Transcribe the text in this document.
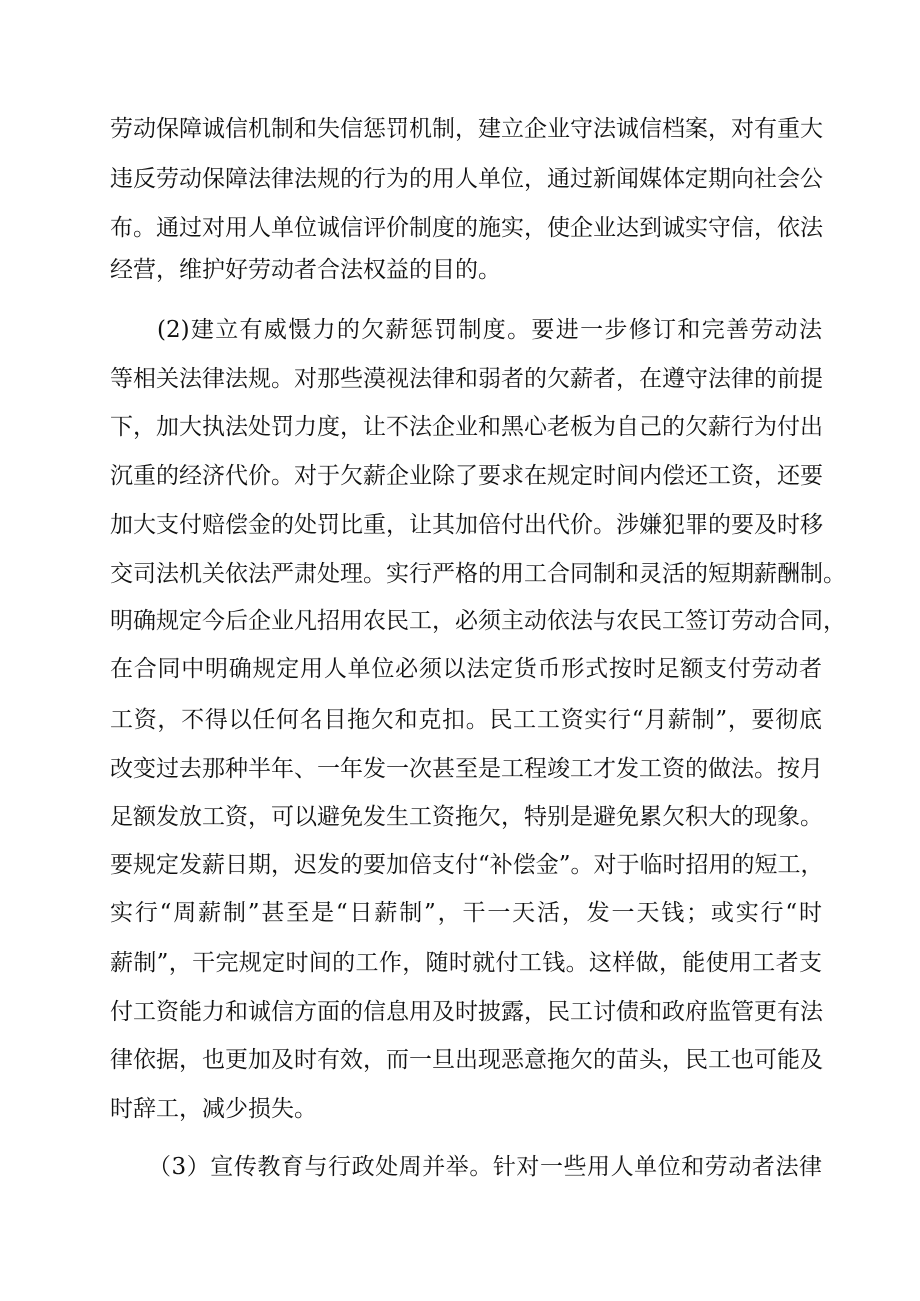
劳动保障诚信机制和失信惩罚机制，建立企业守法诚信档案，对有重大
违反劳动保障法律法规的行为的用人单位，通过新闻媒体定期向社会公
布。通过对用人单位诚信评价制度的施实，使企业达到诚实守信，依法
经营，维护好劳动者合法权益的目的。
(2)建立有威慑力的欠薪惩罚制度。要进一步修订和完善劳动法
等相关法律法规。对那些漠视法律和弱者的欠薪者，在遵守法律的前提
下，加大执法处罚力度，让不法企业和黑心老板为自己的欠薪行为付出
沉重的经济代价。对于欠薪企业除了要求在规定时间内偿还工资，还要
加大支付赔偿金的处罚比重，让其加倍付出代价。涉嫌犯罪的要及时移
交司法机关依法严肃处理。实行严格的用工合同制和灵活的短期薪酬制。
明确规定今后企业凡招用农民工，必须主动依法与农民工签订劳动合同，
在合同中明确规定用人单位必须以法定货币形式按时足额支付劳动者
工资，不得以任何名目拖欠和克扣。民工工资实行“月薪制”，要彻底
改变过去那种半年、一年发一次甚至是工程竣工才发工资的做法。按月
足额发放工资，可以避免发生工资拖欠，特别是避免累欠积大的现象。
要规定发薪日期，迟发的要加倍支付“补偿金”。对于临时招用的短工，
实行“周薪制”甚至是“日薪制”，干一天活，发一天钱；或实行“时
薪制”，干完规定时间的工作，随时就付工钱。这样做，能使用工者支
付工资能力和诚信方面的信息用及时披露，民工讨债和政府监管更有法
律依据，也更加及时有效，而一旦出现恶意拖欠的苗头，民工也可能及
时辞工，减少损失。
（3）宣传教育与行政处周并举。针对一些用人单位和劳动者法律
